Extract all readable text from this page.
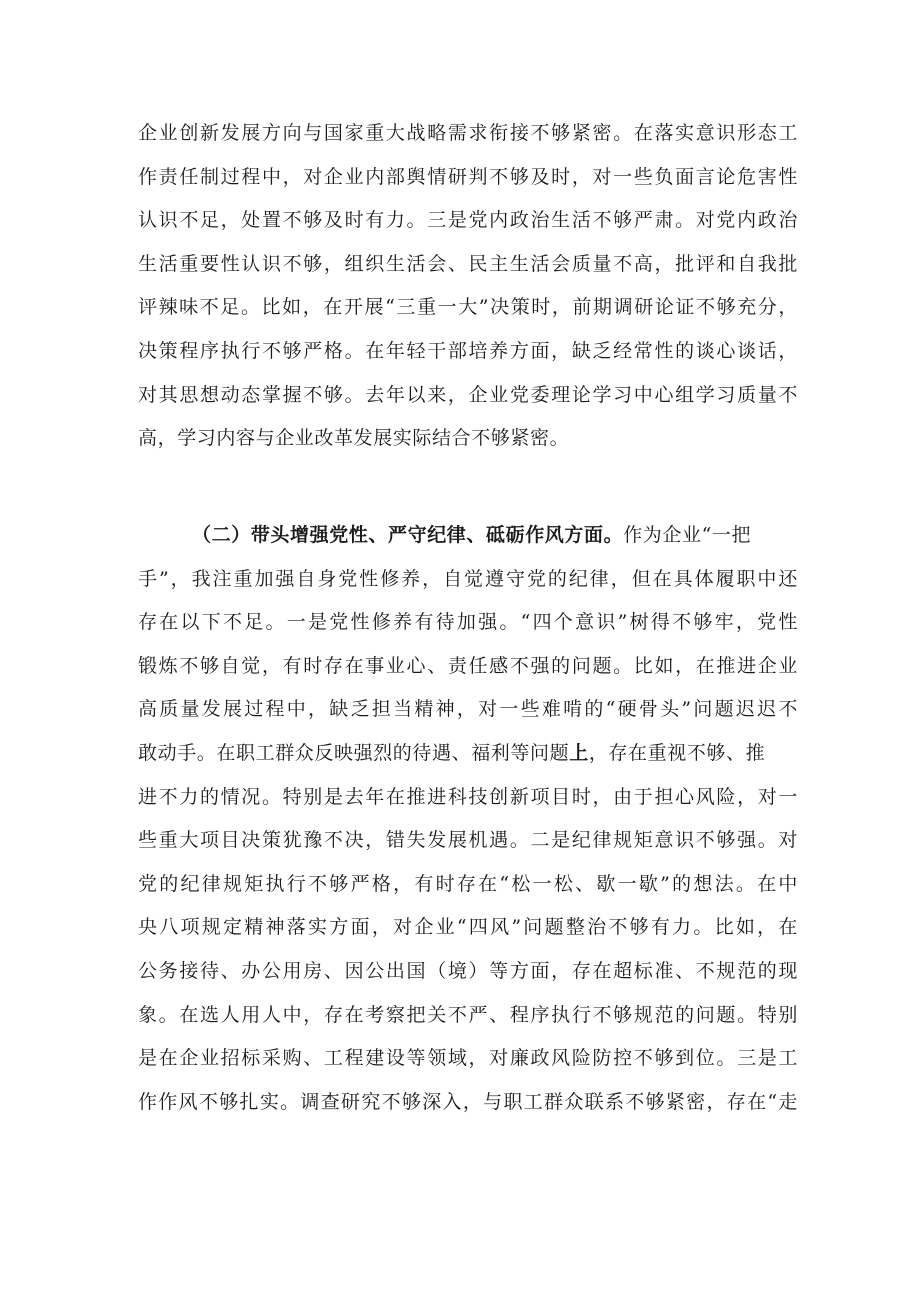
企业创新发展方向与国家重大战略需求衔接不够紧密。在落实意识形态工
作责任制过程中，对企业内部舆情研判不够及时，对一些负面言论危害性
认识不足，处置不够及时有力。三是党内政治生活不够严肃。对党内政治
生活重要性认识不够，组织生活会、民主生活会质量不高，批评和自我批
评辣味不足。比如，在开展“三重一大”决策时，前期调研论证不够充分，
决策程序执行不够严格。在年轻干部培养方面，缺乏经常性的谈心谈话，
对其思想动态掌握不够。去年以来，企业党委理论学习中心组学习质量不
高，学习内容与企业改革发展实际结合不够紧密。
（二）带头增强党性、严守纪律、砥砺作风方面。作为企业“一把
手”，我注重加强自身党性修养，自觉遵守党的纪律，但在具体履职中还
存在以下不足。一是党性修养有待加强。“四个意识”树得不够牢，党性
锻炼不够自觉，有时存在事业心、责任感不强的问题。比如，在推进企业
高质量发展过程中，缺乏担当精神，对一些难啃的“硬骨头”问题迟迟不
敢动手。在职工群众反映强烈的待遇、福利等问题上，存在重视不够、推
进不力的情况。特别是去年在推进科技创新项目时，由于担心风险，对一
些重大项目决策犹豫不决，错失发展机遇。二是纪律规矩意识不够强。对
党的纪律规矩执行不够严格，有时存在“松一松、歇一歇”的想法。在中
央八项规定精神落实方面，对企业“四风”问题整治不够有力。比如，在
公务接待、办公用房、因公出国（境）等方面，存在超标准、不规范的现
象。在选人用人中，存在考察把关不严、程序执行不够规范的问题。特别
是在企业招标采购、工程建设等领域，对廉政风险防控不够到位。三是工
作作风不够扎实。调查研究不够深入，与职工群众联系不够紧密，存在“走
